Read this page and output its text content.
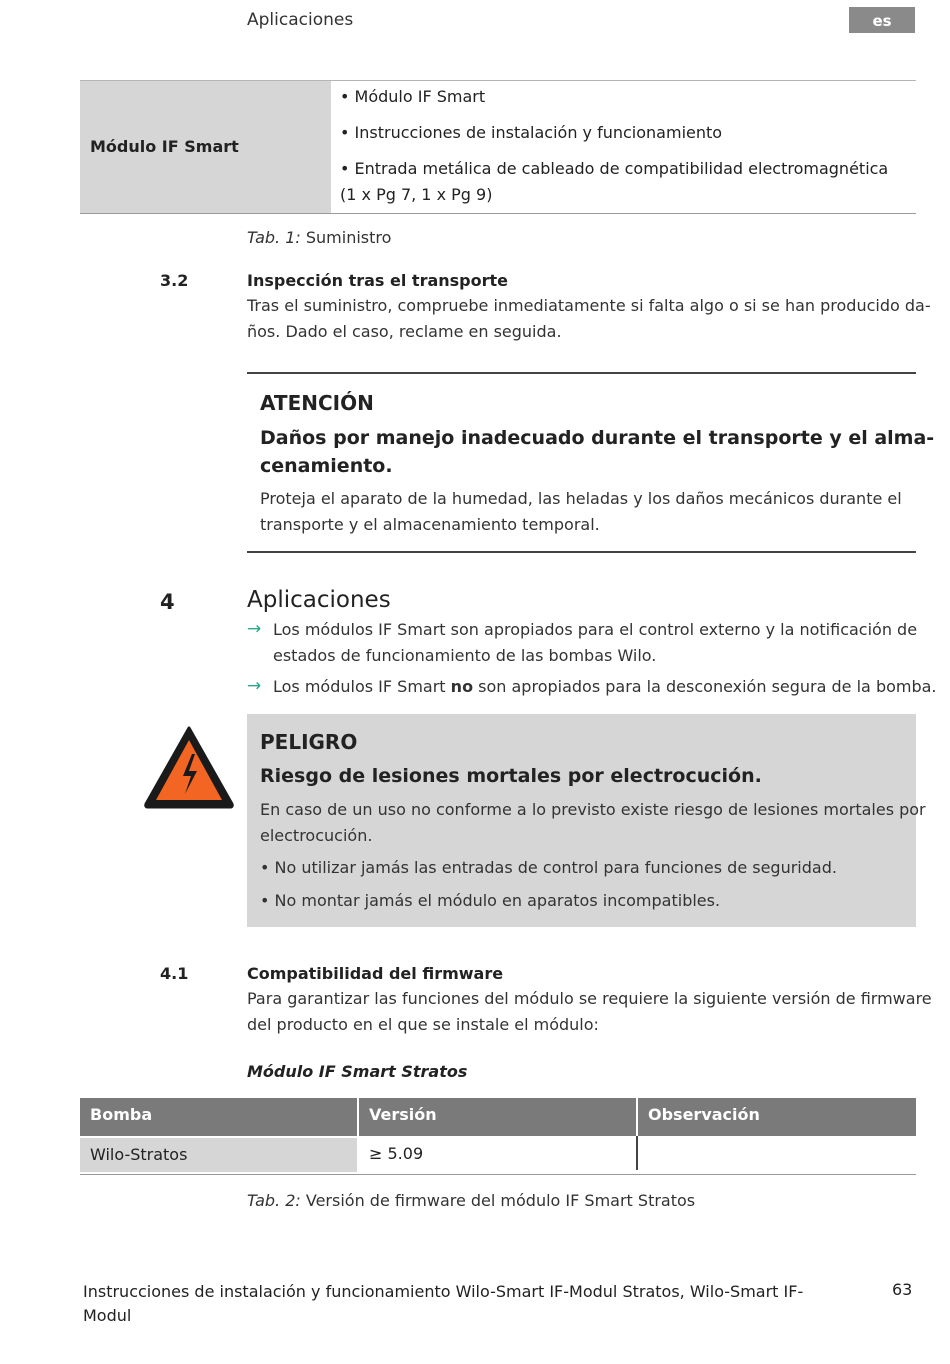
Aplicaciones	es
Módulo IF Smart
• Módulo IF Smart
• Instrucciones de instalación y funcionamiento
• Entrada metálica de cableado de compatibilidad electromagnética
(1 x Pg 7, 1 x Pg 9)
Tab. 1: Suministro
3.2	Inspección tras el transporte
Tras el suministro, compruebe inmediatamente si falta algo o si se han producido da-
ños. Dado el caso, reclame en seguida.
ATENCIÓN
Daños por manejo inadecuado durante el transporte y el alma-
cenamiento.
Proteja el aparato de la humedad, las heladas y los daños mecánicos durante el
transporte y el almacenamiento temporal.
4	Aplicaciones
→ Los módulos IF Smart son apropiados para el control externo y la notificación de
estados de funcionamiento de las bombas Wilo.
→ Los módulos IF Smart no son apropiados para la desconexión segura de la bomba.
PELIGRO
Riesgo de lesiones mortales por electrocución.
En caso de un uso no conforme a lo previsto existe riesgo de lesiones mortales por
electrocución.
• No utilizar jamás las entradas de control para funciones de seguridad.
• No montar jamás el módulo en aparatos incompatibles.
4.1	Compatibilidad del firmware
Para garantizar las funciones del módulo se requiere la siguiente versión de firmware
del producto en el que se instale el módulo:
Módulo IF Smart Stratos
Bomba	Versión	Observación
Wilo-Stratos	≥ 5.09
Tab. 2: Versión de firmware del módulo IF Smart Stratos
Instrucciones de instalación y funcionamiento Wilo-Smart IF-Modul Stratos, Wilo-Smart IF-
Modul
63
